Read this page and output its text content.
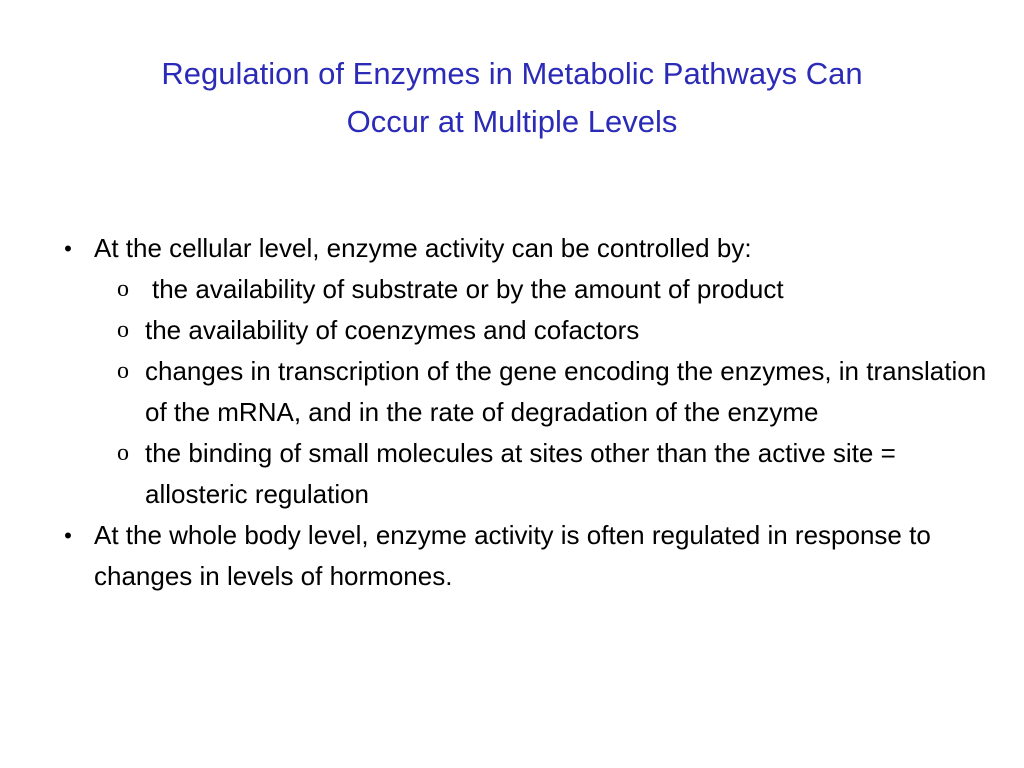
Regulation of Enzymes in Metabolic Pathways Can
Occur at Multiple Levels
• At the cellular level, enzyme activity can be controlled by:
o the availability of substrate or by the amount of product
o the availability of coenzymes and cofactors
o changes in transcription of the gene encoding the enzymes, in translation of the mRNA, and in the rate of degradation of the enzyme
o the binding of small molecules at sites other than the active site = allosteric regulation
• At the whole body level, enzyme activity is often regulated in response to changes in levels of hormones.
